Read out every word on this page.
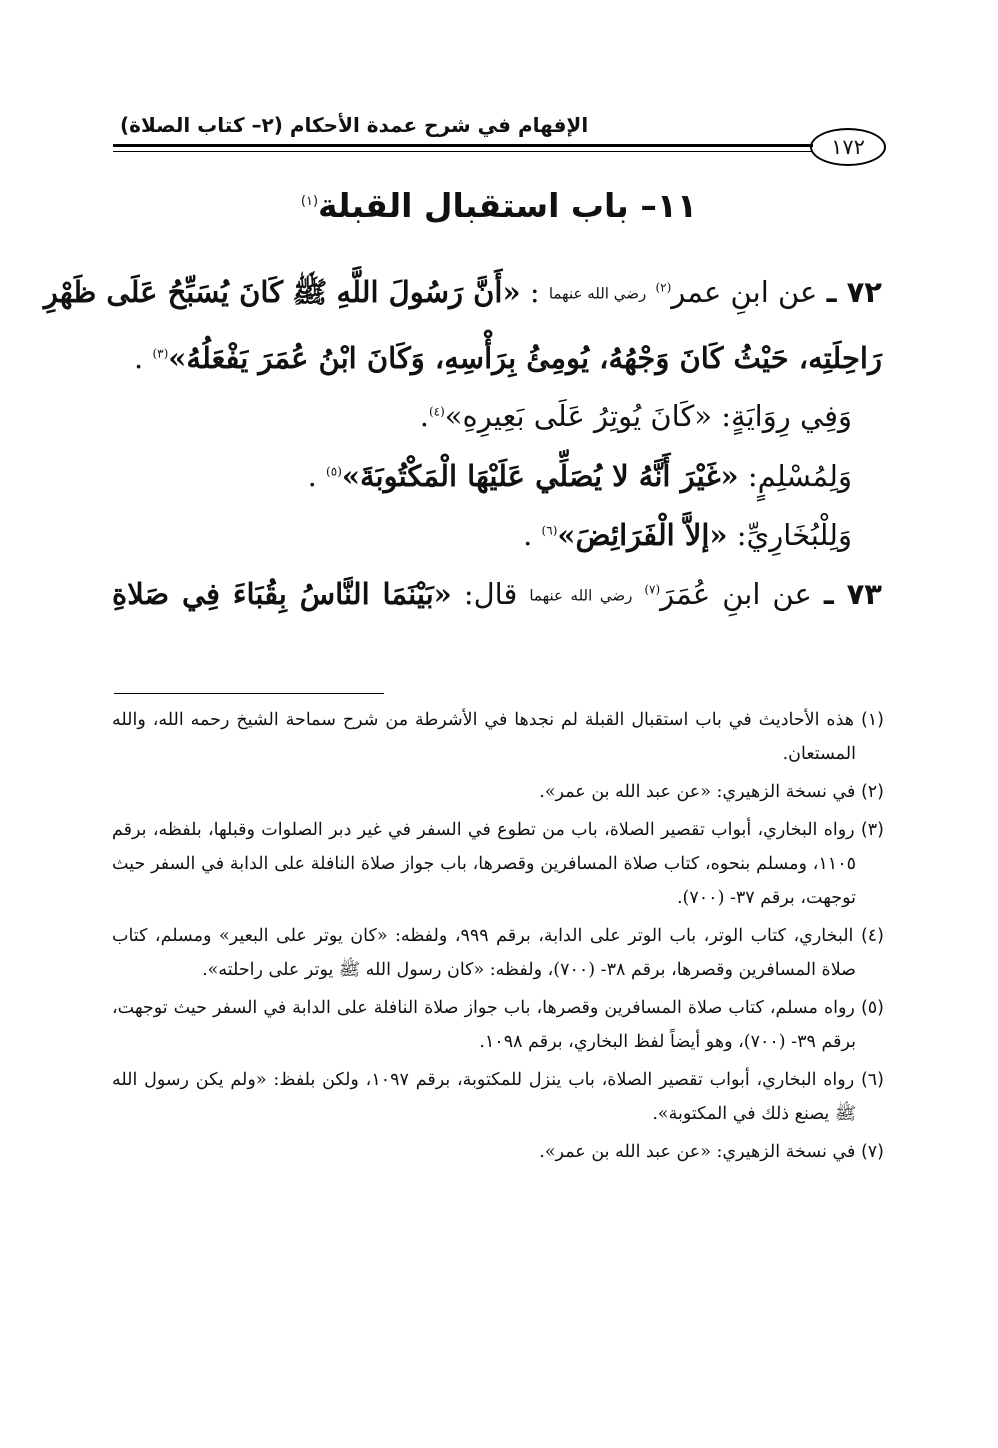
الإفهام في شرح عمدة الأحكام (٢– كتاب الصلاة)
١٧٢
١١– باب استقبال القبلة$^{(١)}$
٧٢ ـ عن ابنِ عمر$^{(٢)}$ رضي الله عنهما : «أَنَّ رَسُولَ اللَّهِ ﷺ كَانَ يُسَبِّحُ عَلَى ظَهْرِ
رَاحِلَتِه، حَيْثُ كَانَ وَجْهُهُ، يُومِئُ بِرَأْسِهِ، وَكَانَ ابْنُ عُمَرَ يَفْعَلُهُ»$^{(٣)}$ .
وَفِي رِوَايَةٍ: «كَانَ يُوتِرُ عَلَى بَعِيرِهِ»$^{(٤)}$.
وَلِمُسْلِمٍ: «غَيْرَ أَنَّهُ لا يُصَلِّي عَلَيْهَا الْمَكْتُوبَةَ»$^{(٥)}$ .
وَلِلْبُخَارِيِّ: «إلاَّ الْفَرَائِضَ»$^{(٦)}$ .
٧٣ ـ عن ابنِ عُمَرَ$^{(٧)}$ رضي الله عنهما قال: «بَيْنَمَا النَّاسُ بِقُبَاءَ فِي صَلاةِ
(١) هذه الأحاديث في باب استقبال القبلة لم نجدها في الأشرطة من شرح سماحة الشيخ رحمه الله، والله المستعان.
(٢) في نسخة الزهيري: «عن عبد الله بن عمر».
(٣) رواه البخاري، أبواب تقصير الصلاة، باب من تطوع في السفر في غير دبر الصلوات وقبلها، بلفظه، برقم ١١٠٥، ومسلم بنحوه، كتاب صلاة المسافرين وقصرها، باب جواز صلاة النافلة على الدابة في السفر حيث توجهت، برقم ٣٧- (٧٠٠).
(٤) البخاري، كتاب الوتر، باب الوتر على الدابة، برقم ٩٩٩، ولفظه: «كان يوتر على البعير» ومسلم، كتاب صلاة المسافرين وقصرها، برقم ٣٨- (٧٠٠)، ولفظه: «كان رسول الله ﷺ يوتر على راحلته».
(٥) رواه مسلم، كتاب صلاة المسافرين وقصرها، باب جواز صلاة النافلة على الدابة في السفر حيث توجهت، برقم ٣٩- (٧٠٠)، وهو أيضاً لفظ البخاري، برقم ١٠٩٨.
(٦) رواه البخاري، أبواب تقصير الصلاة، باب ينزل للمكتوبة، برقم ١٠٩٧، ولكن بلفظ: «ولم يكن رسول الله ﷺ يصنع ذلك في المكتوبة».
(٧) في نسخة الزهيري: «عن عبد الله بن عمر».
